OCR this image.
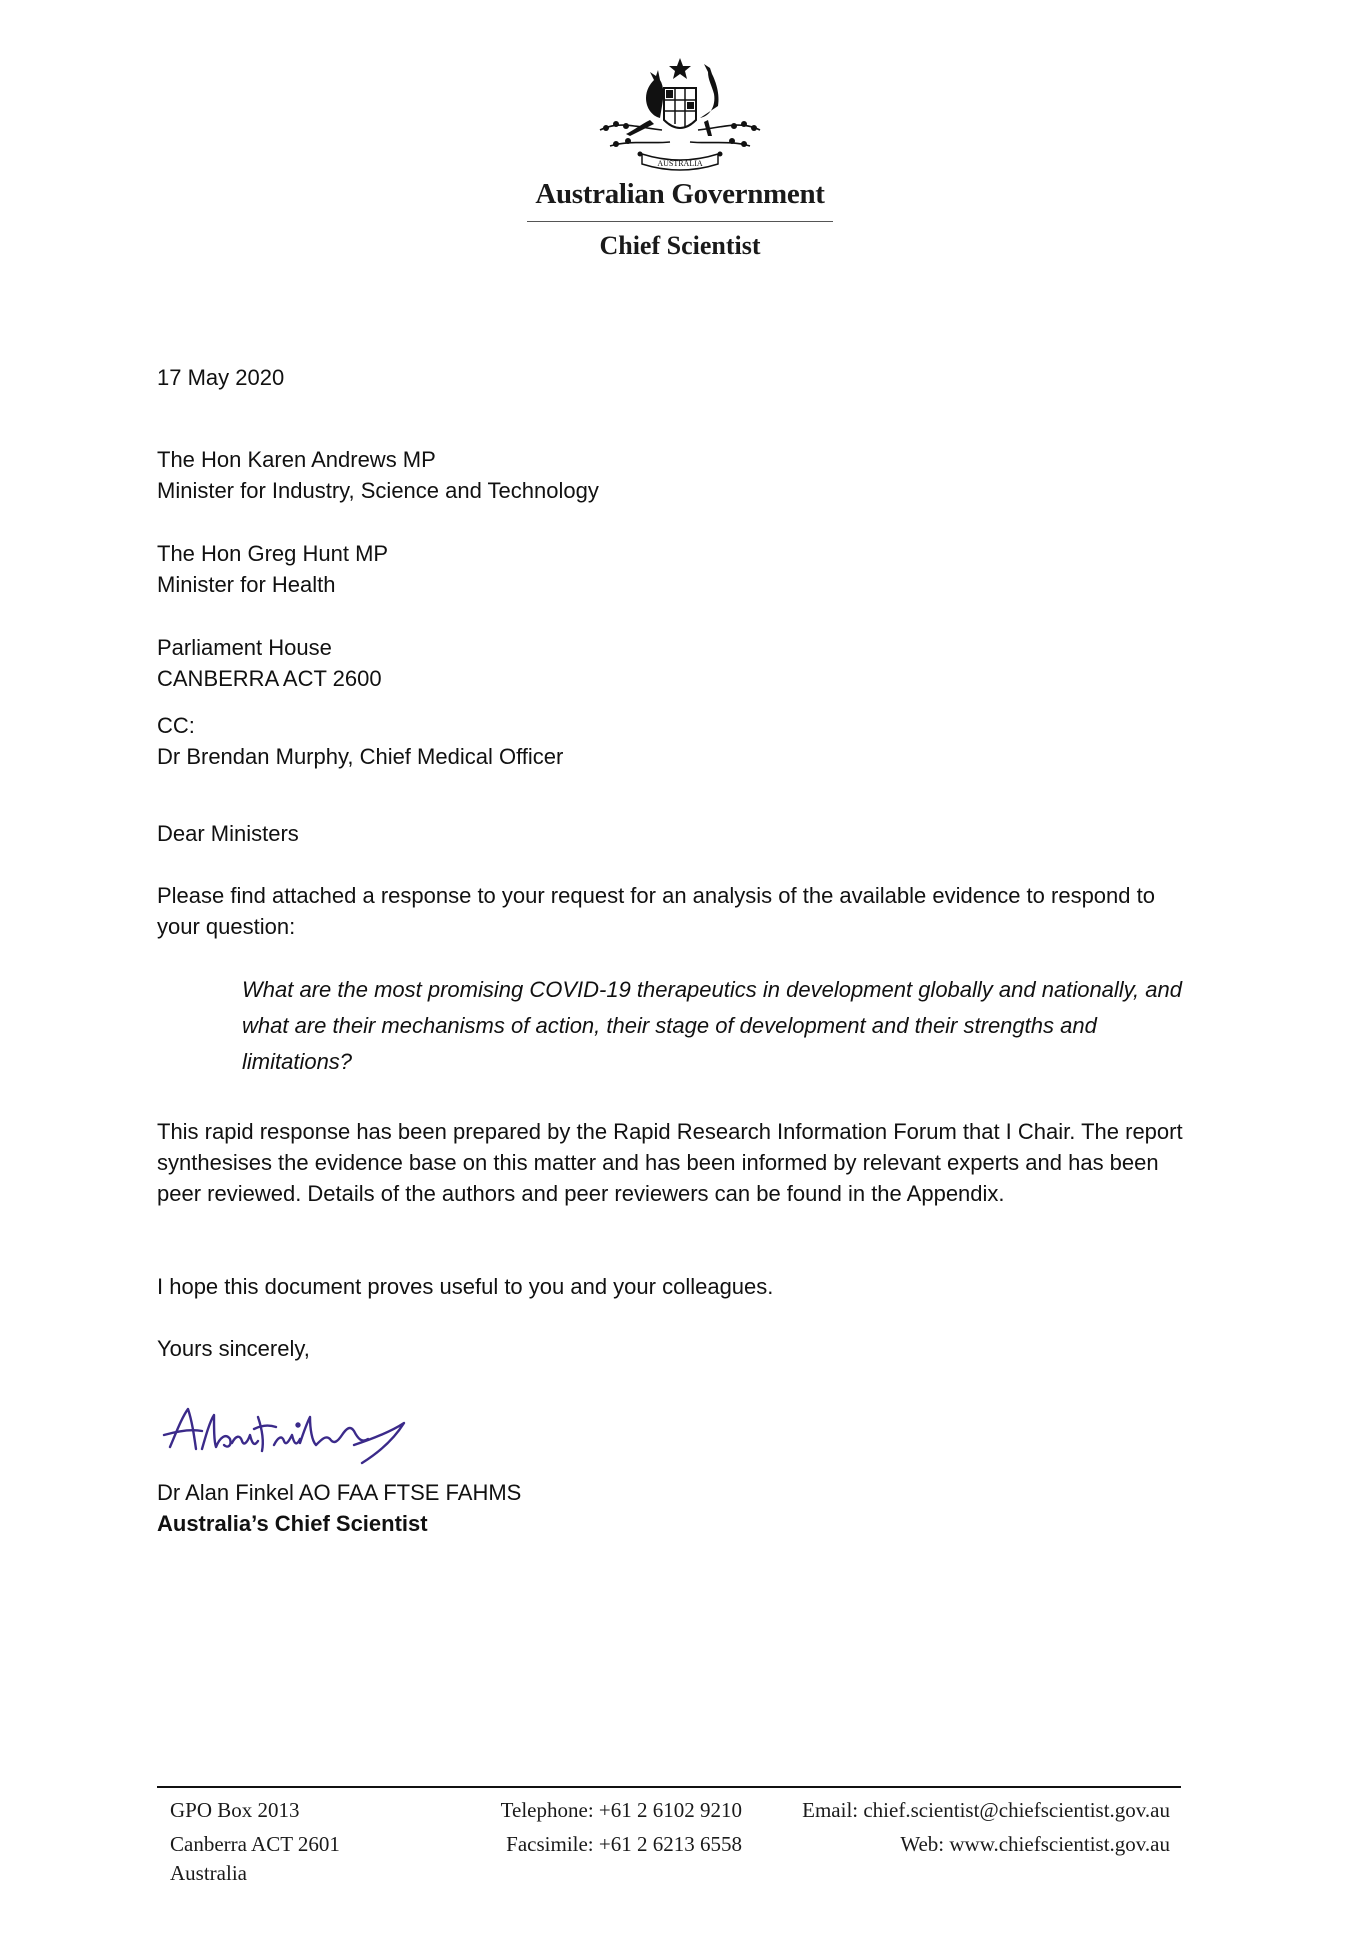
AUSTRALIA
Australian Government
Chief Scientist
17 May 2020
The Hon Karen Andrews MP
Minister for Industry, Science and Technology
The Hon Greg Hunt MP
Minister for Health
Parliament House
CANBERRA ACT 2600
CC:
Dr Brendan Murphy, Chief Medical Officer
Dear Ministers
Please find attached a response to your request for an analysis of the available evidence to respond to your question:
What are the most promising COVID-19 therapeutics in development globally and nationally, and what are their mechanisms of action, their stage of development and their strengths and limitations?
This rapid response has been prepared by the Rapid Research Information Forum that I Chair. The report synthesises the evidence base on this matter and has been informed by relevant experts and has been peer reviewed. Details of the authors and peer reviewers can be found in the Appendix.
I hope this document proves useful to you and your colleagues.
Yours sincerely,
Dr Alan Finkel AO FAA FTSE FAHMS
Australia’s Chief Scientist
GPO Box 2013
Canberra ACT 2601
Australia
Telephone: +61 2 6102 9210
Facsimile: +61 2 6213 6558
Email: chief.scientist@chiefscientist.gov.au
Web: www.chiefscientist.gov.au
